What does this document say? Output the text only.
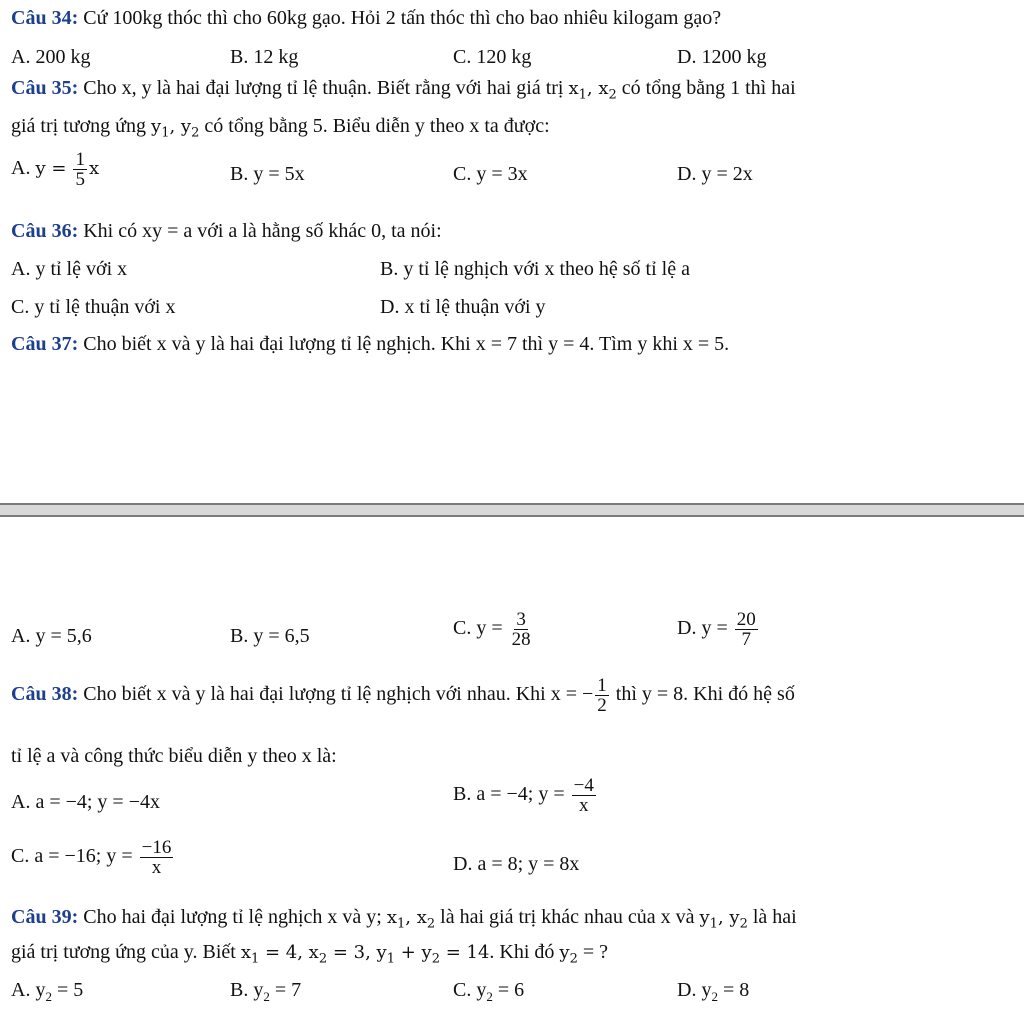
Câu 34: Cứ 100kg thóc thì cho 60kg gạo. Hỏi 2 tấn thóc thì cho bao nhiêu kilogam gạo?
A. 200 kg	B. 12 kg	C. 120 kg	D. 1200 kg
Câu 35: Cho x, y là hai đại lượng tỉ lệ thuận. Biết rằng với hai giá trị $x_1$, $x_2$ có tổng bằng 1 thì hai
giá trị tương ứng $y_1$, $y_2$ có tổng bằng 5. Biểu diễn y theo x ta được:
A. $y = \frac{1}{5}$ x	B. y = 5x	C. y = 3x	D. y = 2x
Câu 36: Khi có xy = a với a là hằng số khác 0, ta nói:
A. y tỉ lệ với x	B. y tỉ lệ nghịch với x theo hệ số tỉ lệ a
C. y tỉ lệ thuận với x	D. x tỉ lệ thuận với y
Câu 37: Cho biết x và y là hai đại lượng tỉ lệ nghịch. Khi x = 7 thì y = 4. Tìm y khi x = 5.
A. y = 5,6	B. y = 6,5	C. $y = \frac{3}{28}$	D. $y = \frac{20}{7}$
Câu 38: Cho biết x và y là hai đại lượng tỉ lệ nghịch với nhau. Khi x = − $\frac{1}{2}$ thì y = 8. Khi đó hệ số
tỉ lệ a và công thức biểu diễn y theo x là:
A. a = −4; y = −4x	B. a = −4; $y = \frac{-4}{x}$
C. a = −16; $y = \frac{-16}{x}$	D. a = 8; y = 8x
Câu 39: Cho hai đại lượng tỉ lệ nghịch x và y; $x_1$, $x_2$ là hai giá trị khác nhau của x và $y_1$, $y_2$ là hai
giá trị tương ứng của y. Biết $x_1 = 4$, $x_2 = 3$, $y_1 + y_2 = 14$. Khi đó $y_2$ = ?
A. $y_2 = 5$	B. $y_2 = 7$	C. $y_2 = 6$	D. $y_2 = 8$
